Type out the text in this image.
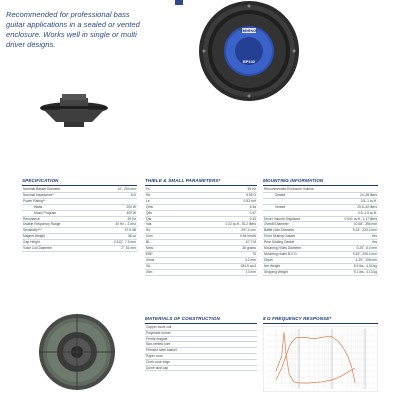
Recommended for professional bass guitar applications in a sealed or vented enclosure. Works well in single or multi driver designs.
EMINENCE
BP102
SPECIFICATION
Nominal Basket Diameter	10", 254 mm
Nominal Impedance*	8 Ω
Power Rating**	
Watts	200 W
Music Program	400 W
Resonance	35 Hz
Usable Frequency Range	40 Hz – 3 kHz
Sensitivity***	97.6 dB
Magnet Weight	38 oz
Gap Height	0.312", 7.9 mm
Voice Coil Diameter	2", 51 mm
THIELE & SMALL PARAMETERS*
Fs	35 Hz
Re	5.59 Ω
Le	0.83 mH
Qms	5.3a
Qes	0.47
Qts	0.43
Vas	2.22 cu.ft., 91.2 liters
Sd	297.4 cm²
Cms	0.54 mm/N
BL	10 T·M
Mms	38 grams
EBP	75
Xmax	4.2 mm
Sd	334.5 cm3
Xlim	10 mm
MOUNTING INFORMATION
Recommended Enclosure Volume	
Sealed	14–28 liters
	0.5–1 cu.ft.
Vented	25.5–42 liters
	0.9–1.5 cu.ft.
Driver Volume Displaced	0.041 cu.ft., 1.17 liters
Overall Diameter	10.08", 256 mm
Baffle Hole Diameter	9.18", 233.3 mm
Front Sealing Gasket	Yes
Rear Sealing Gasket	Yes
Mounting Holes Diameter	0.25", 6.4 mm
Mounting Holes B.C.D.	9.63", 245.4 mm
Depth	4.25", 108 mm
Net Weight	8.9 lbs., 4.04 kg
Shipping Weight	9.1 lbs., 4.13 kg
MATERIALS OF CONSTRUCTION
Copper voice coil
Polyimide former
Ferrite magnet
Non-vented core
Pressed steel basket
Paper cone
Cloth cone edge
Dome dust cap
8 Ω FREQUENCY RESPONSE*
